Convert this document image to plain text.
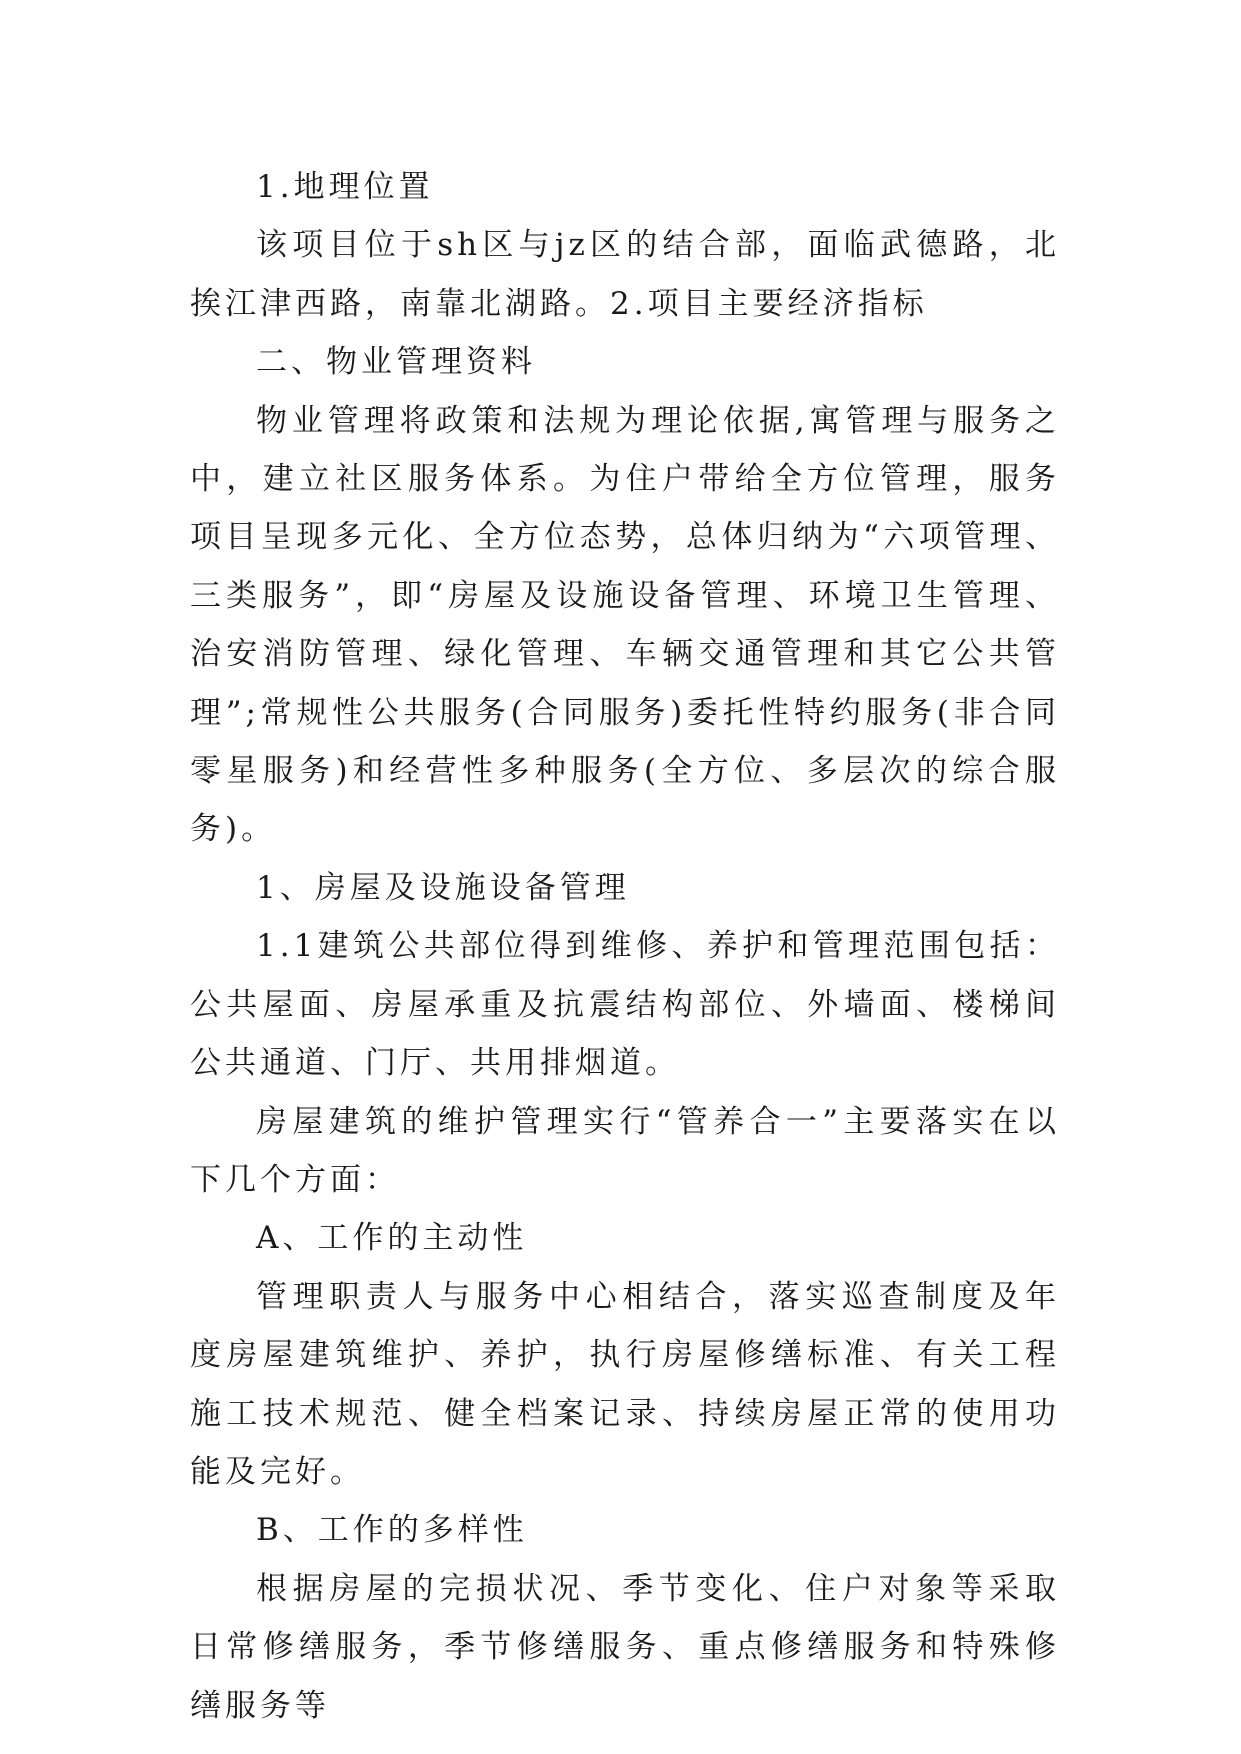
1.地理位置

该项目位于sh区与jz区的结合部，面临武德路，北挨江津西路，南靠北湖路。2.项目主要经济指标

二、物业管理资料

物业管理将政策和法规为理论依据,寓管理与服务之中，建立社区服务体系。为住户带给全方位管理，服务项目呈现多元化、全方位态势，总体归纳为“六项管理、三类服务”，即“房屋及设施设备管理、环境卫生管理、治安消防管理、绿化管理、车辆交通管理和其它公共管理”;常规性公共服务(合同服务)委托性特约服务(非合同零星服务)和经营性多种服务(全方位、多层次的综合服务)。

1、房屋及设施设备管理

1.1建筑公共部位得到维修、养护和管理范围包括：公共屋面、房屋承重及抗震结构部位、外墙面、楼梯间公共通道、门厅、共用排烟道。

房屋建筑的维护管理实行“管养合一”主要落实在以下几个方面：

A、工作的主动性

管理职责人与服务中心相结合，落实巡查制度及年度房屋建筑维护、养护，执行房屋修缮标准、有关工程施工技术规范、健全档案记录、持续房屋正常的使用功能及完好。

B、工作的多样性

根据房屋的完损状况、季节变化、住户对象等采取日常修缮服务，季节修缮服务、重点修缮服务和特殊修缮服务等
